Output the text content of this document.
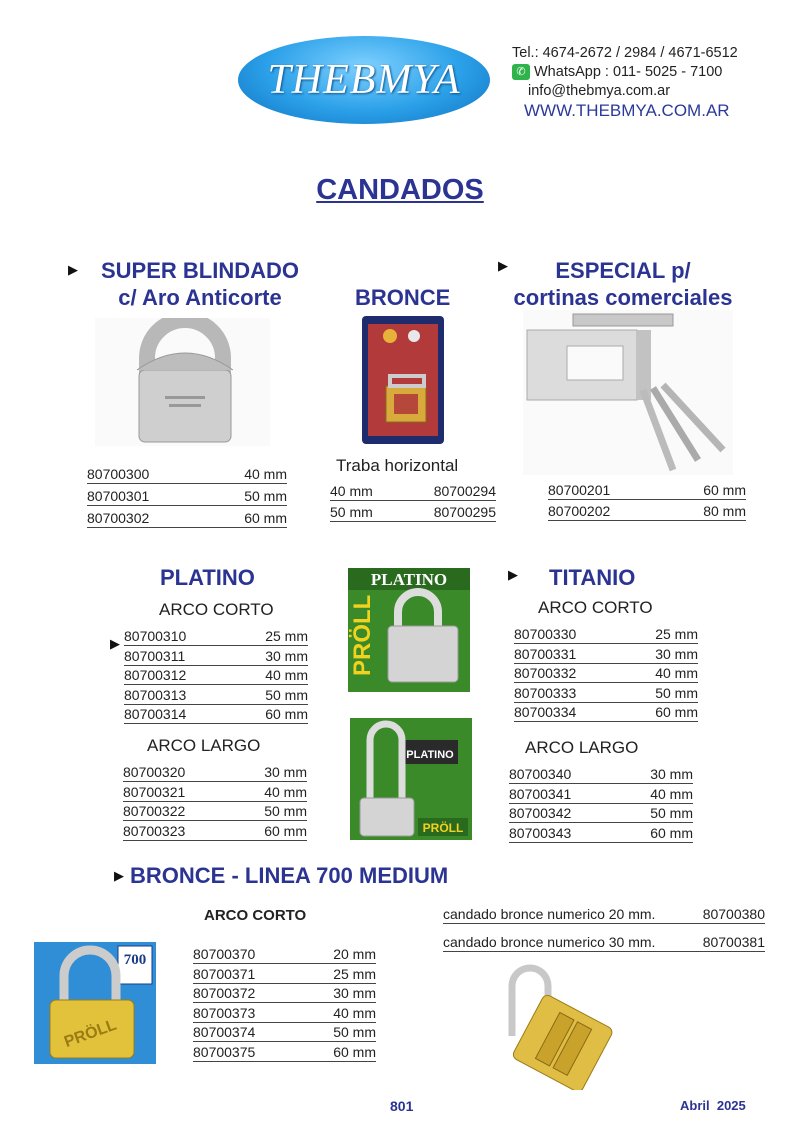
THEBMYA
Tel.: 4674-2672 / 2984 / 4671-6512
✆ WhatsApp : 011- 5025 - 7100
info@thebmya.com.ar
WWW.THEBMYA.COM.AR
CANDADOS
▶	SUPER BLINDADO
c/ Aro Anticorte
80700300	40 mm
80700301	50 mm
80700302	60 mm
BRONCE
Traba horizontal
40 mm	80700294
50 mm	80700295
▶	ESPECIAL p/
cortinas comerciales
80700201	60 mm
80700202	80 mm
PLATINO
ARCO CORTO
▶ 80700310	25 mm
80700311	30 mm
80700312	40 mm
80700313	50 mm
80700314	60 mm
ARCO LARGO
80700320	30 mm
80700321	40 mm
80700322	50 mm
80700323	60 mm
PLATINO
PRÖLL
PLATINO
PRÖLL
▶ TITANIO
ARCO CORTO
80700330	25 mm
80700331	30 mm
80700332	40 mm
80700333	50 mm
80700334	60 mm
ARCO LARGO
80700340	30 mm
80700341	40 mm
80700342	50 mm
80700343	60 mm
▶ BRONCE - LINEA 700 MEDIUM
ARCO CORTO
80700370	20 mm
80700371	25 mm
80700372	30 mm
80700373	40 mm
80700374	50 mm
80700375	60 mm
candado bronce numerico 20 mm.	80700380
candado bronce numerico 30 mm.	80700381
700
PRÖLL
801	Abril  2025
